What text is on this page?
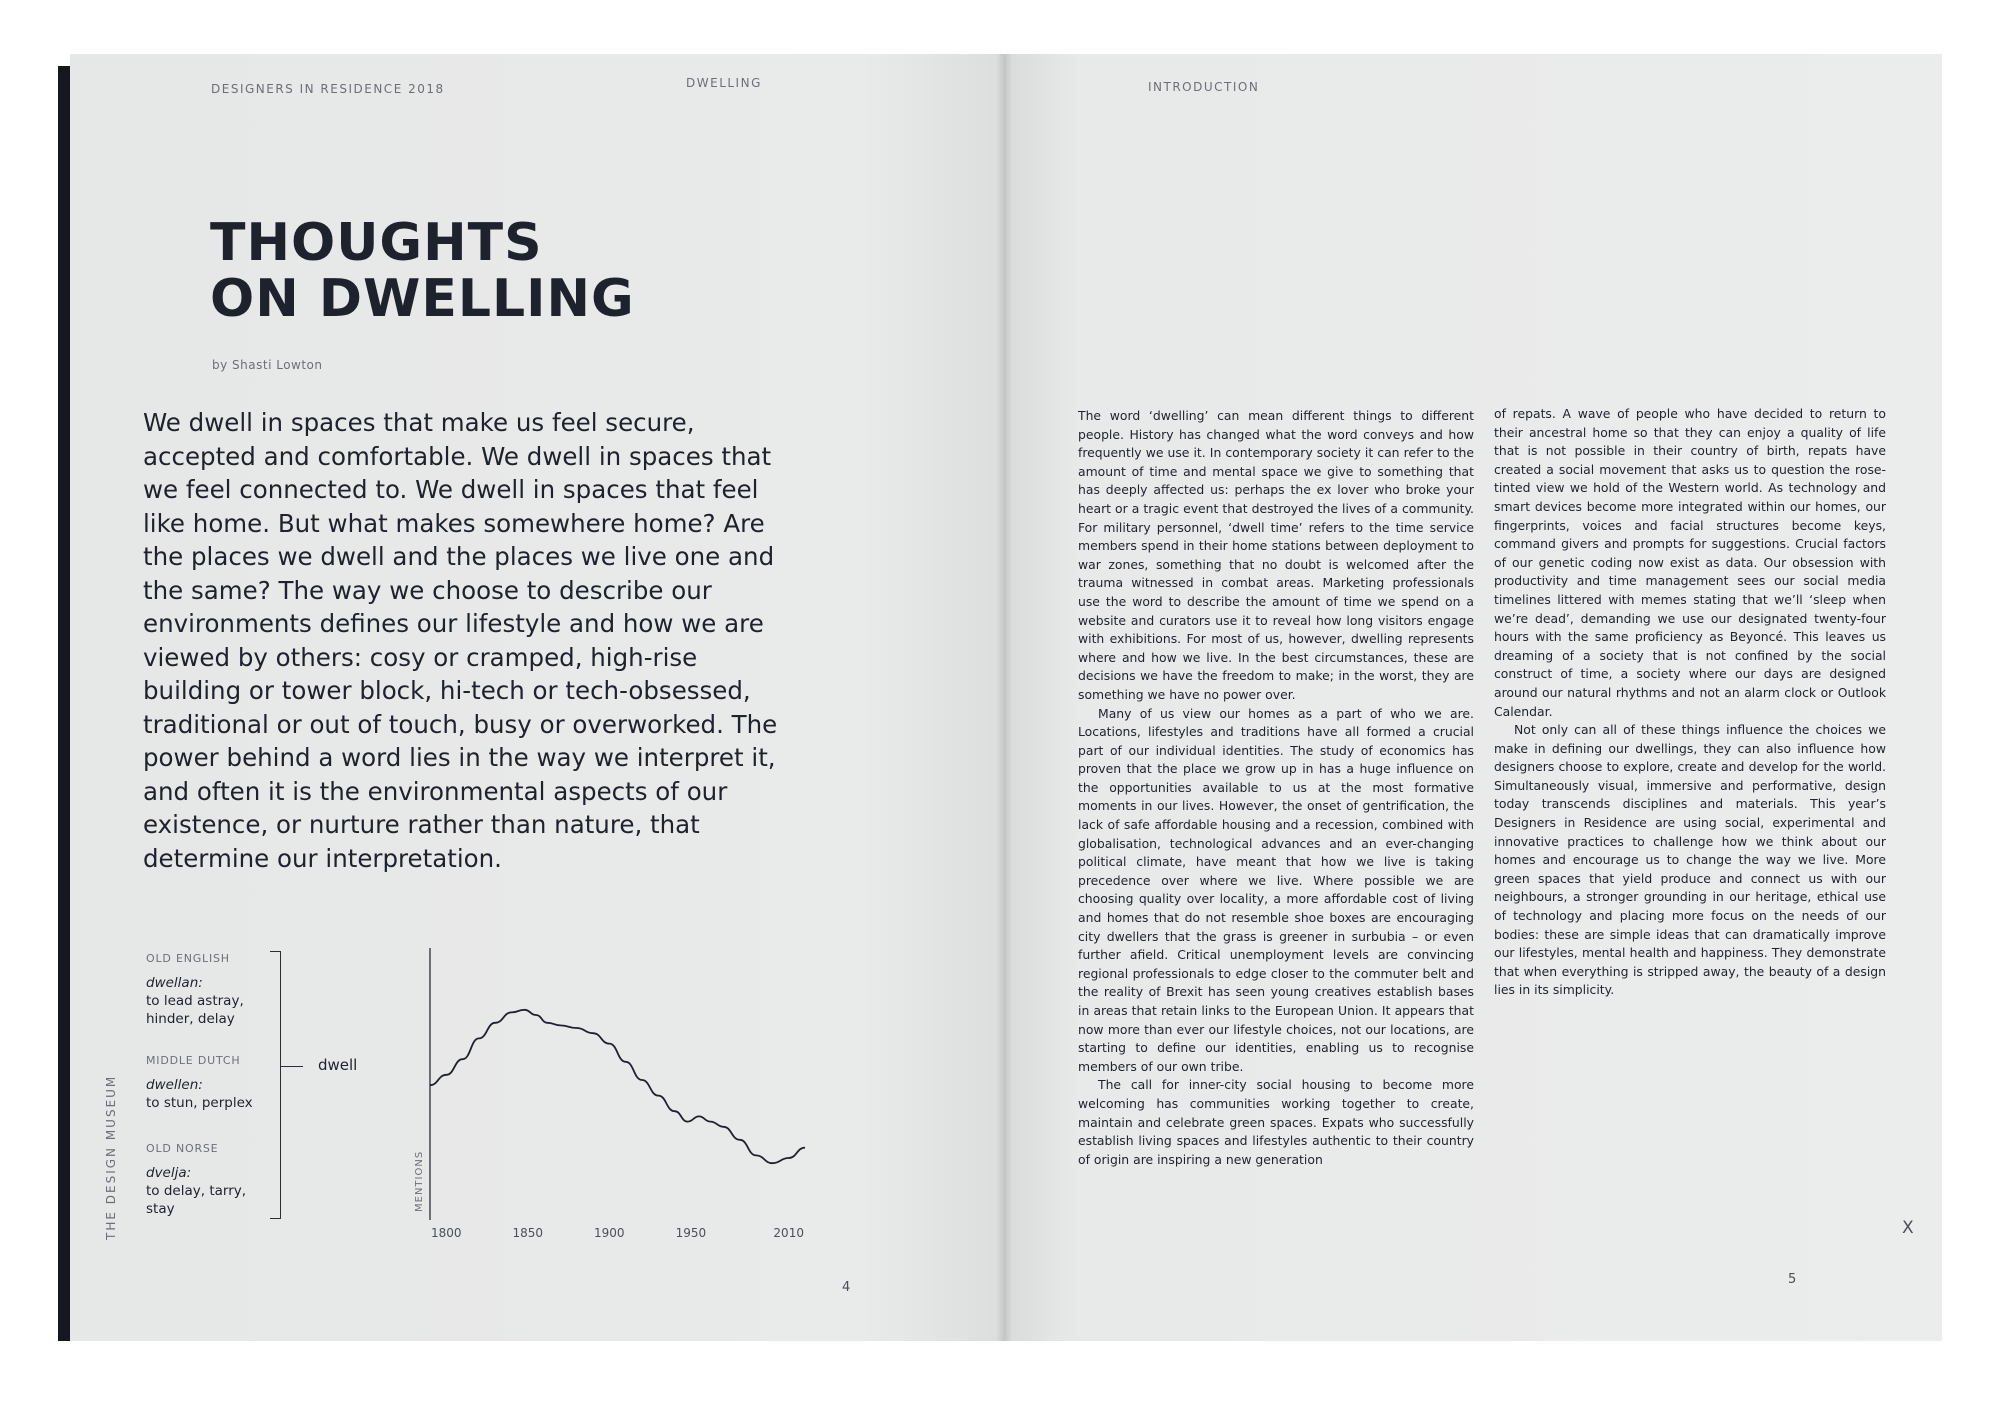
DESIGNERS IN RESIDENCE 2018	DWELLING
THOUGHTS
ON DWELLING
by Shasti Lowton

We dwell in spaces that make us feel secure, accepted and comfortable. We dwell in spaces that we feel connected to. We dwell in spaces that feel like home. But what makes somewhere home? Are the places we dwell and the places we live one and the same? The way we choose to describe our environments defines our lifestyle and how we are viewed by others: cosy or cramped, high-rise building or tower block, hi-tech or tech-obsessed, traditional or out of touch, busy or overworked. The power behind a word lies in the way we interpret it, and often it is the environmental aspects of our existence, or nurture rather than nature, that determine our interpretation.

OLD ENGLISH
dwellan:
to lead astray,
hinder, delay
MIDDLE DUTCH
dwellen:
to stun, perplex
OLD NORSE
dvelja:
to delay, tarry,
stay
dwell
THE DESIGN MUSEUM	MENTIONS
1800	1850	1900	1950	2010
4
INTRODUCTION

The word ‘dwelling’ can mean different things to different people. History has changed what the word conveys and how frequently we use it. In contemporary society it can refer to the amount of time and mental space we give to something that has deeply affected us: perhaps the ex lover who broke your heart or a tragic event that destroyed the lives of a community. For military personnel, ‘dwell time’ refers to the time service members spend in their home stations between deployment to war zones, something that no doubt is welcomed after the trauma witnessed in combat areas. Marketing professionals use the word to describe the amount of time we spend on a website and curators use it to reveal how long visitors engage with exhibitions. For most of us, however, dwelling represents where and how we live. In the best circumstances, these are decisions we have the freedom to make; in the worst, they are something we have no power over.

Many of us view our homes as a part of who we are. Locations, lifestyles and traditions have all formed a crucial part of our individual identities. The study of economics has proven that the place we grow up in has a huge influence on the opportunities available to us at the most formative moments in our lives. However, the onset of gentrification, the lack of safe affordable housing and a recession, combined with globalisation, technological advances and an ever-changing political climate, have meant that how we live is taking precedence over where we live. Where possible we are choosing quality over locality, a more affordable cost of living and homes that do not resemble shoe boxes are encouraging city dwellers that the grass is greener in surbubia – or even further afield. Critical unemployment levels are convincing regional professionals to edge closer to the commuter belt and the reality of Brexit has seen young creatives establish bases in areas that retain links to the European Union. It appears that now more than ever our lifestyle choices, not our locations, are starting to define our identities, enabling us to recognise members of our own tribe.

The call for inner-city social housing to become more welcoming has communities working together to create, maintain and celebrate green spaces. Expats who successfully establish living spaces and lifestyles authentic to their country of origin are inspiring a new generation

of repats. A wave of people who have decided to return to their ancestral home so that they can enjoy a quality of life that is not possible in their country of birth, repats have created a social movement that asks us to question the rose-tinted view we hold of the Western world. As technology and smart devices become more integrated within our homes, our fingerprints, voices and facial structures become keys, command givers and prompts for suggestions. Crucial factors of our genetic coding now exist as data. Our obsession with productivity and time management sees our social media timelines littered with memes stating that we’ll ‘sleep when we’re dead’, demanding we use our designated twenty-four hours with the same proficiency as Beyoncé. This leaves us dreaming of a society that is not confined by the social construct of time, a society where our days are designed around our natural rhythms and not an alarm clock or Outlook Calendar.

Not only can all of these things influence the choices we make in defining our dwellings, they can also influence how designers choose to explore, create and develop for the world. Simultaneously visual, immersive and performative, design today transcends disciplines and materials. This year’s Designers in Residence are using social, experimental and innovative practices to challenge how we think about our homes and encourage us to change the way we live. More green spaces that yield produce and connect us with our neighbours, a stronger grounding in our heritage, ethical use of technology and placing more focus on the needs of our bodies: these are simple ideas that can dramatically improve our lifestyles, mental health and happiness. They demonstrate that when everything is stripped away, the beauty of a design lies in its simplicity.

X
5
